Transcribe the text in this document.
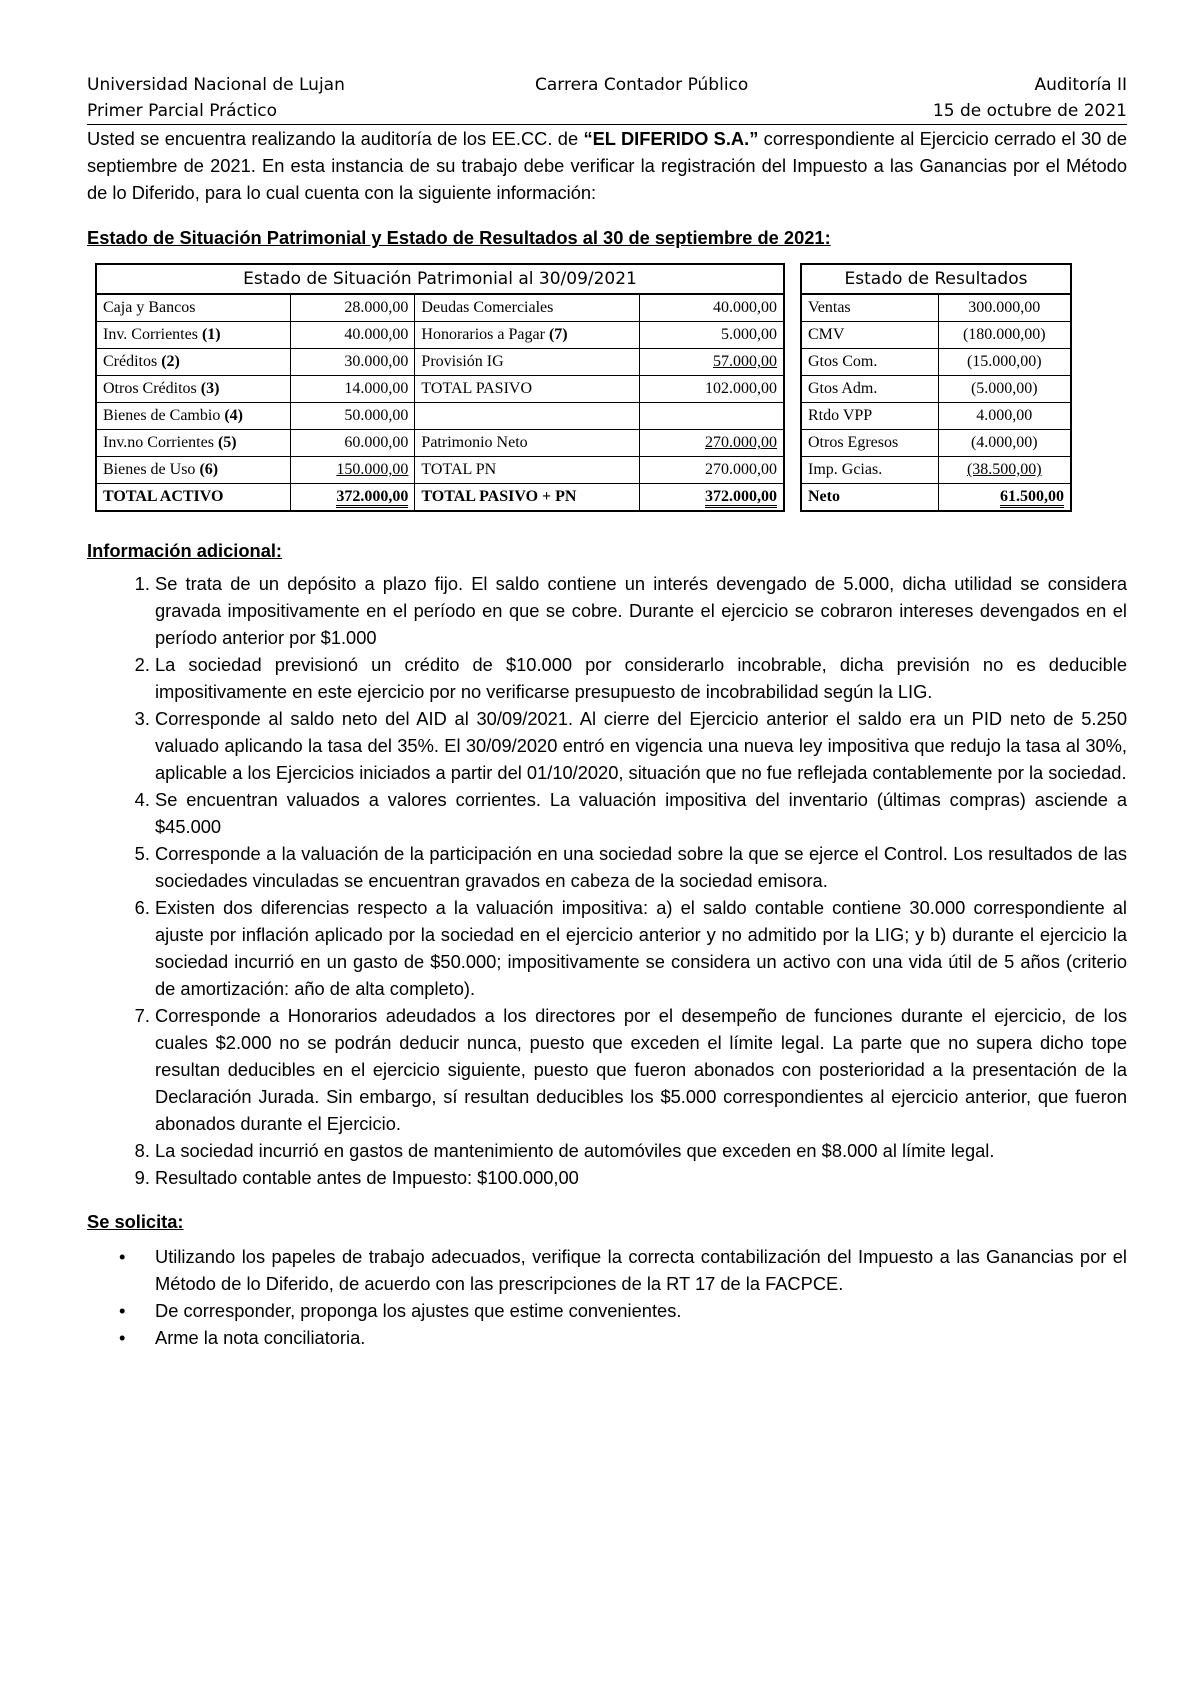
Universidad Nacional de Lujan	Carrera Contador Público	Auditoría II
Primer Parcial Práctico	15 de octubre de 2021

Usted se encuentra realizando la auditoría de los EE.CC. de “EL DIFERIDO S.A.” correspondiente al Ejercicio cerrado el 30 de septiembre de 2021. En esta instancia de su trabajo debe verificar la registración del Impuesto a las Ganancias por el Método de lo Diferido, para lo cual cuenta con la siguiente información:

Estado de Situación Patrimonial y Estado de Resultados al 30 de septiembre de 2021:
Estado de Situación Patrimonial al 30/09/2021			
Caja y Bancos	28.000,00	Deudas Comerciales	40.000,00
Inv. Corrientes (1)	40.000,00	Honorarios a Pagar (7)	5.000,00
Créditos (2)	30.000,00	Provisión IG	57.000,00
Otros Créditos (3)	14.000,00	TOTAL PASIVO	102.000,00
Bienes de Cambio (4)	50.000,00		
Inv.no Corrientes (5)	60.000,00	Patrimonio Neto	270.000,00
Bienes de Uso (6)	150.000,00	TOTAL PN	270.000,00
TOTAL ACTIVO	372.000,00	TOTAL PASIVO + PN	372.000,00
Estado de Resultados	
Ventas	300.000,00
CMV	(180.000,00)
Gtos Com.	(15.000,00)
Gtos Adm.	(5.000,00)
Rtdo VPP	4.000,00
Otros Egresos	(4.000,00)
Imp. Gcias.	(38.500,00)
Neto	61.500,00
Información adicional:
1. Se trata de un depósito a plazo fijo. El saldo contiene un interés devengado de 5.000, dicha utilidad se considera gravada impositivamente en el período en que se cobre. Durante el ejercicio se cobraron intereses devengados en el período anterior por $1.000
2. La sociedad previsionó un crédito de $10.000 por considerarlo incobrable, dicha previsión no es deducible impositivamente en este ejercicio por no verificarse presupuesto de incobrabilidad según la LIG.
3. Corresponde al saldo neto del AID al 30/09/2021. Al cierre del Ejercicio anterior el saldo era un PID neto de 5.250 valuado aplicando la tasa del 35%. El 30/09/2020 entró en vigencia una nueva ley impositiva que redujo la tasa al 30%, aplicable a los Ejercicios iniciados a partir del 01/10/2020, situación que no fue reflejada contablemente por la sociedad.
4. Se encuentran valuados a valores corrientes. La valuación impositiva del inventario (últimas compras) asciende a $45.000
5. Corresponde a la valuación de la participación en una sociedad sobre la que se ejerce el Control. Los resultados de las sociedades vinculadas se encuentran gravados en cabeza de la sociedad emisora.
6. Existen dos diferencias respecto a la valuación impositiva: a) el saldo contable contiene 30.000 correspondiente al ajuste por inflación aplicado por la sociedad en el ejercicio anterior y no admitido por la LIG; y b) durante el ejercicio la sociedad incurrió en un gasto de $50.000; impositivamente se considera un activo con una vida útil de 5 años (criterio de amortización: año de alta completo).
7. Corresponde a Honorarios adeudados a los directores por el desempeño de funciones durante el ejercicio, de los cuales $2.000 no se podrán deducir nunca, puesto que exceden el límite legal. La parte que no supera dicho tope resultan deducibles en el ejercicio siguiente, puesto que fueron abonados con posterioridad a la presentación de la Declaración Jurada. Sin embargo, sí resultan deducibles los $5.000 correspondientes al ejercicio anterior, que fueron abonados durante el Ejercicio.
8. La sociedad incurrió en gastos de mantenimiento de automóviles que exceden en $8.000 al límite legal.
9. Resultado contable antes de Impuesto: $100.000,00
Se solicita:
• Utilizando los papeles de trabajo adecuados, verifique la correcta contabilización del Impuesto a las Ganancias por el Método de lo Diferido, de acuerdo con las prescripciones de la RT 17 de la FACPCE.
• De corresponder, proponga los ajustes que estime convenientes.
• Arme la nota conciliatoria.
